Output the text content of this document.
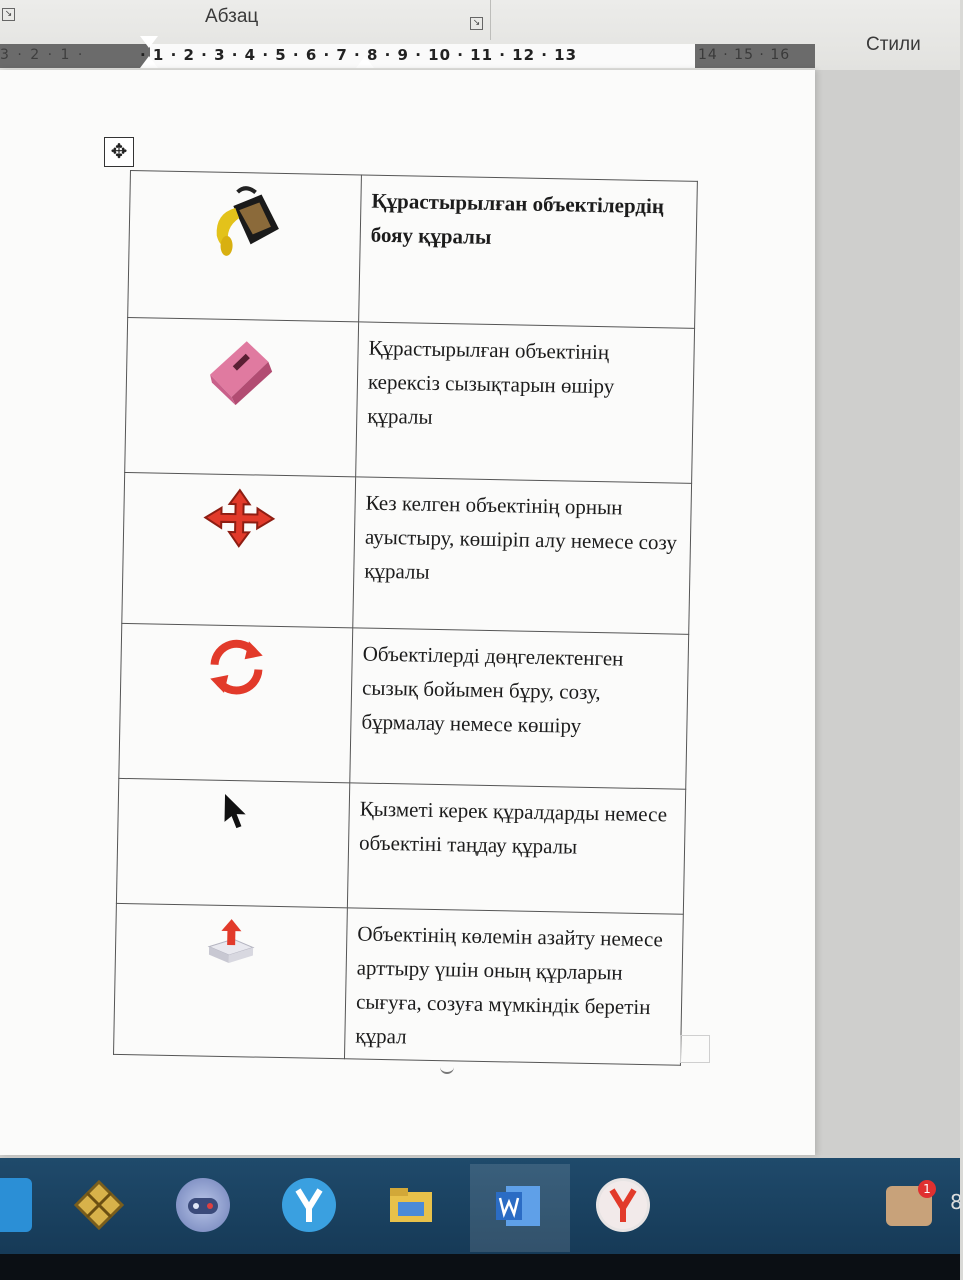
↘	Абзац	↘
Стили
3 · 2 · 1 ·	· 1 · 2 · 3 · 4 · 5 · 6 · 7 · 8 · 9 · 10 · 11 · 12 · 13	14 · 15 · 16
✥
	Құрастырылған объектілердің бояу құралы
	Құрастырылған объектінің керексіз сызықтарын өшіру құралы
	Кез келген объектінің орнын ауыстыру, көшіріп алу немесе созу құралы
	Объектілерді дөңгелектенген сызық бойымен бұру, созу, бұрмалау немесе көшіру
	Қызметі керек құралдарды немесе объектіні таңдау құралы
	Объектінің көлемін азайту немесе арттыру үшін оның құрларын сығуға, созуға мүмкіндік беретін құрал
1
8
